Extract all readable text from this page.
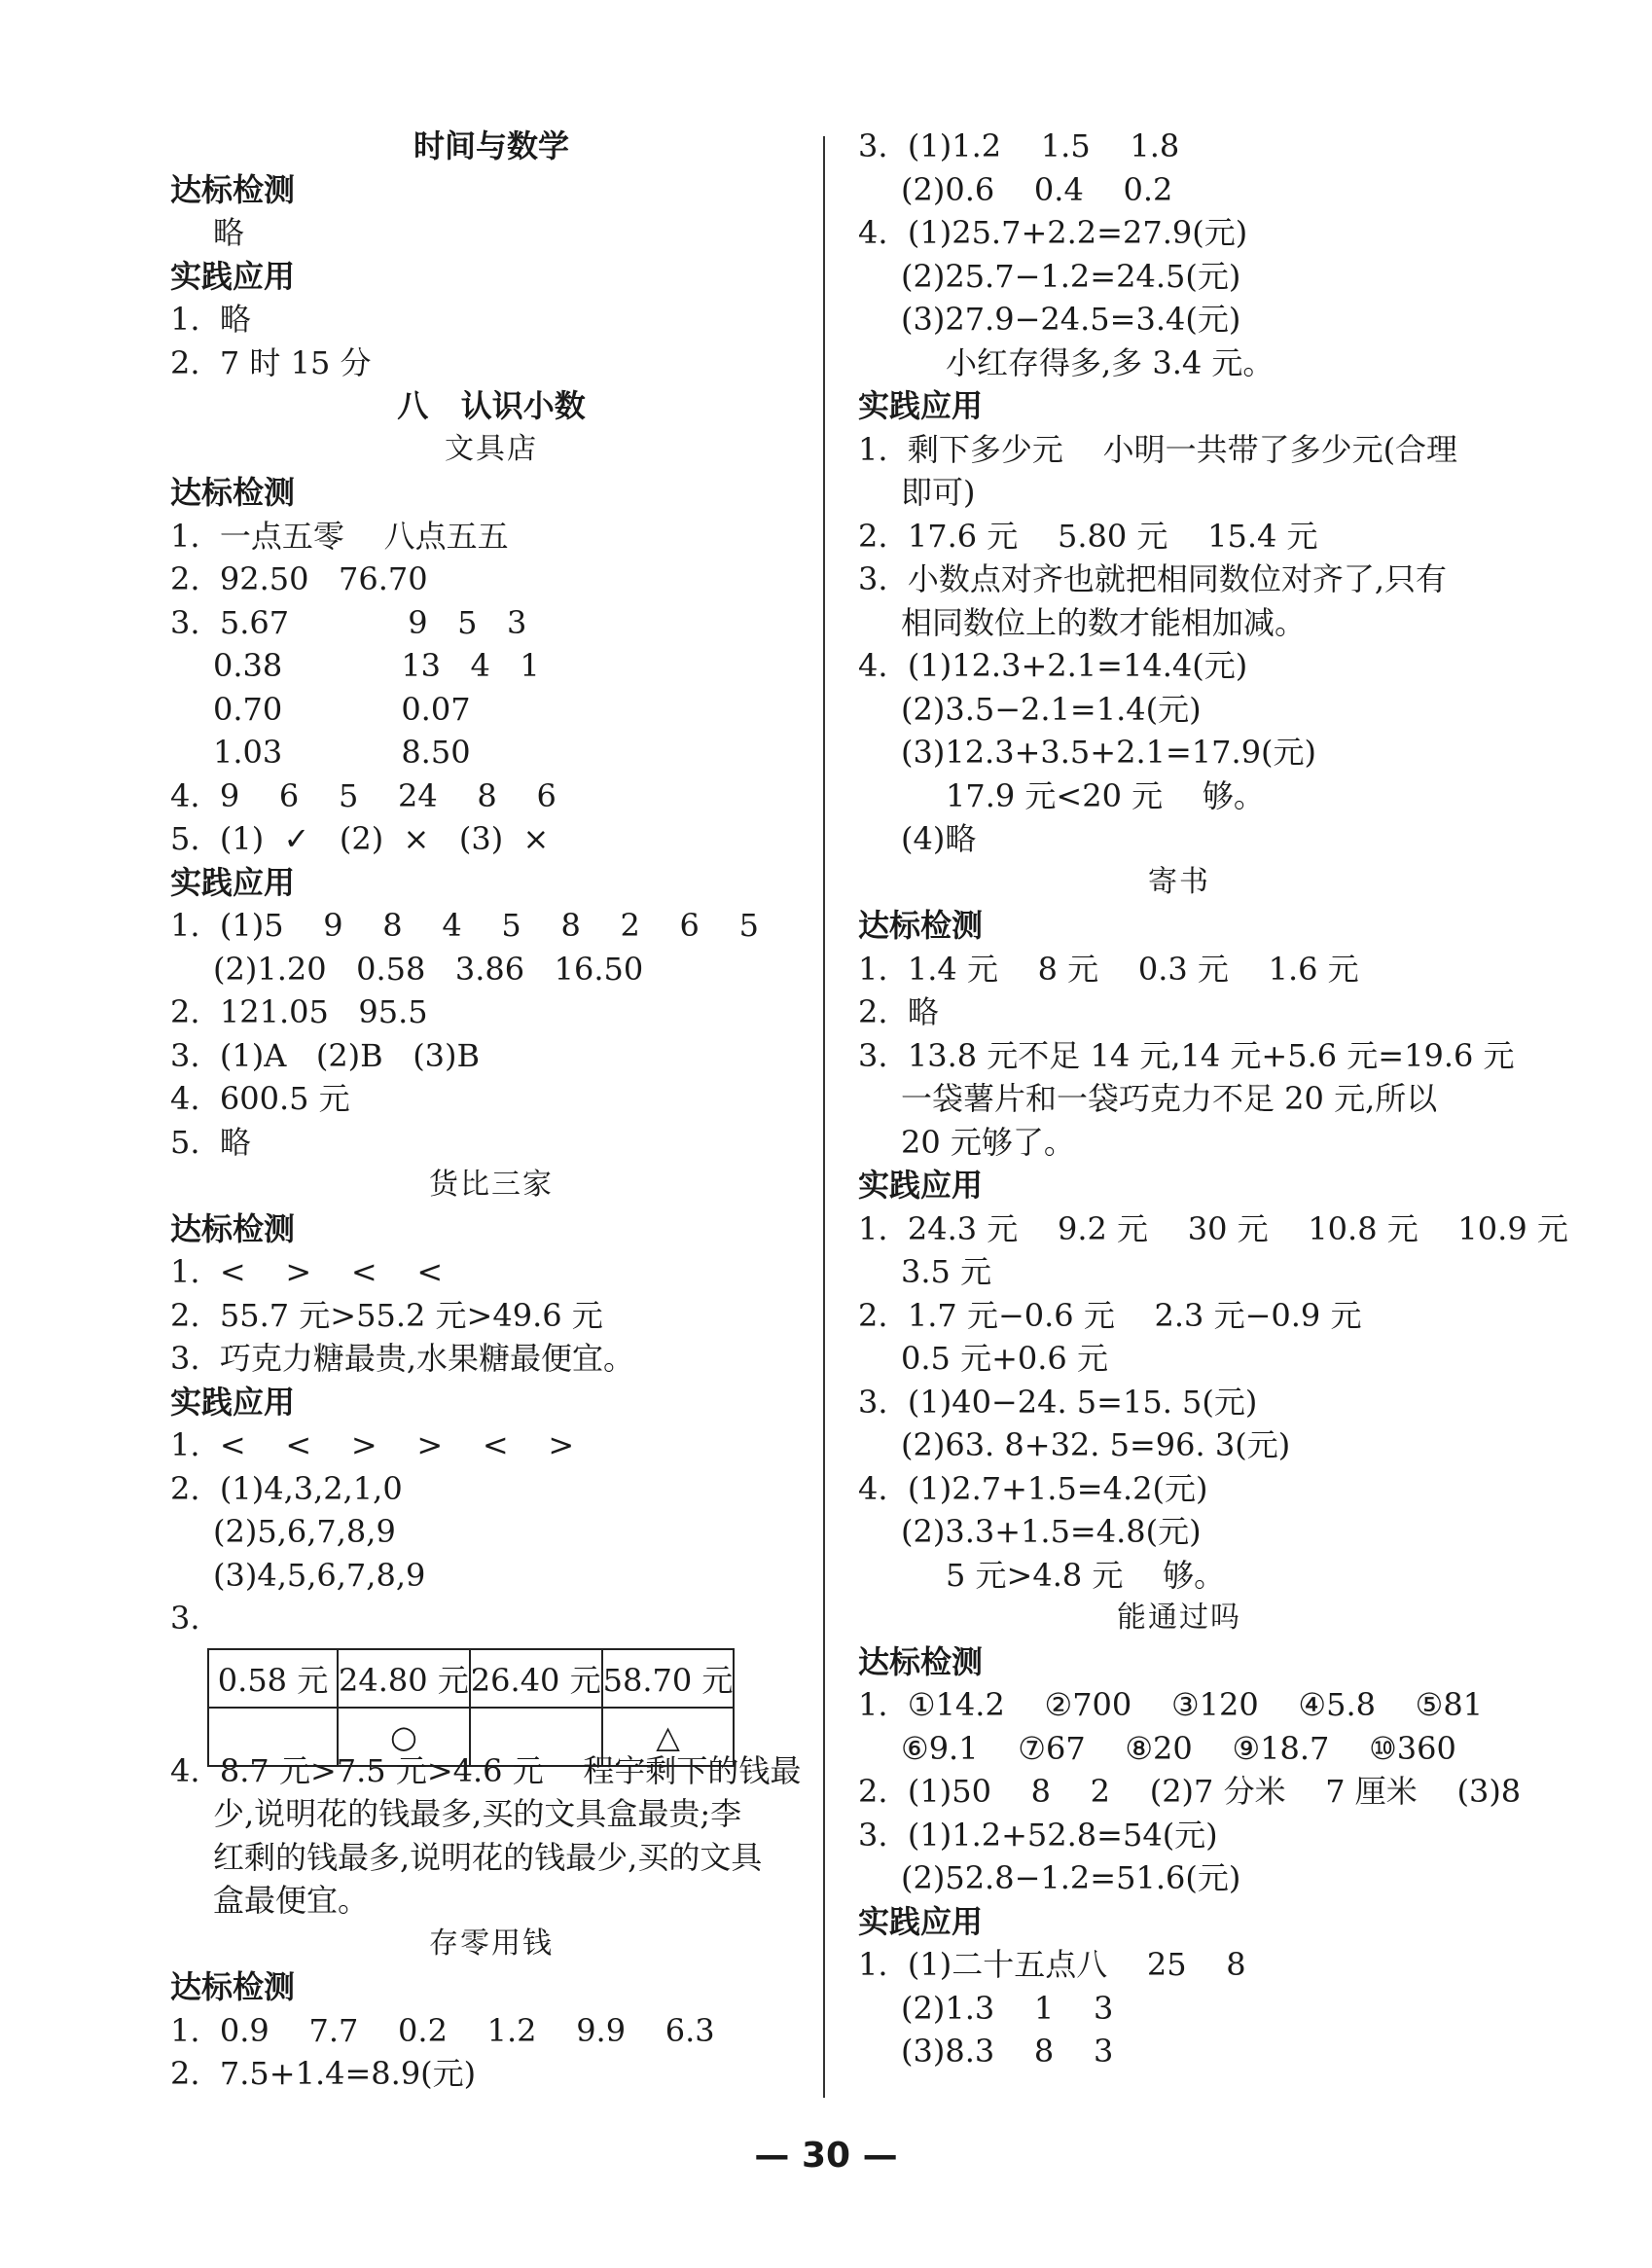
时间与数学
达标检测
略
实践应用
1.  略
2.  7 时 15 分
八   认识小数
文具店
达标检测
1.  一点五零    八点五五
2.  92.50   76.70
3.  5.67            9   5   3
0.38            13   4   1
0.70            0.07
1.03            8.50
4.  9    6    5    24    8    6
5.  (1)  ✓   (2)  ×   (3)  ×
实践应用
1.  (1)5    9    8    4    5    8    2    6    5
(2)1.20   0.58   3.86   16.50
2.  121.05   95.5
3.  (1)A   (2)B   (3)B
4.  600.5 元
5.  略
货比三家
达标检测
1.  <    >    <    <
2.  55.7 元>55.2 元>49.6 元
3.  巧克力糖最贵,水果糖最便宜。
实践应用
1.  <    <    >    >    <    >
2.  (1)4,3,2,1,0
(2)5,6,7,8,9
(3)4,5,6,7,8,9
3.
0.58 元	24.80 元	26.40 元	58.70 元
	○		△
4.  8.7 元>7.5 元>4.6 元    程宇剩下的钱最
少,说明花的钱最多,买的文具盒最贵;李
红剩的钱最多,说明花的钱最少,买的文具
盒最便宜。
存零用钱
达标检测
1.  0.9    7.7    0.2    1.2    9.9    6.3
2.  7.5+1.4=8.9(元)
3.  (1)1.2    1.5    1.8
(2)0.6    0.4    0.2
4.  (1)25.7+2.2=27.9(元)
(2)25.7−1.2=24.5(元)
(3)27.9−24.5=3.4(元)
小红存得多,多 3.4 元。
实践应用
1.  剩下多少元    小明一共带了多少元(合理
即可)
2.  17.6 元    5.80 元    15.4 元
3.  小数点对齐也就把相同数位对齐了,只有
相同数位上的数才能相加减。
4.  (1)12.3+2.1=14.4(元)
(2)3.5−2.1=1.4(元)
(3)12.3+3.5+2.1=17.9(元)
17.9 元<20 元    够。
(4)略
寄书
达标检测
1.  1.4 元    8 元    0.3 元    1.6 元
2.  略
3.  13.8 元不足 14 元,14 元+5.6 元=19.6 元
一袋薯片和一袋巧克力不足 20 元,所以
20 元够了。
实践应用
1.  24.3 元    9.2 元    30 元    10.8 元    10.9 元
3.5 元
2.  1.7 元−0.6 元    2.3 元−0.9 元
0.5 元+0.6 元
3.  (1)40−24. 5=15. 5(元)
(2)63. 8+32. 5=96. 3(元)
4.  (1)2.7+1.5=4.2(元)
(2)3.3+1.5=4.8(元)
5 元>4.8 元    够。
能通过吗
达标检测
1.  ①14.2    ②700    ③120    ④5.8    ⑤81
⑥9.1    ⑦67    ⑧20    ⑨18.7    ⑩360
2.  (1)50    8    2    (2)7 分米    7 厘米    (3)8
3.  (1)1.2+52.8=54(元)
(2)52.8−1.2=51.6(元)
实践应用
1.  (1)二十五点八    25    8
(2)1.3    1    3
(3)8.3    8    3
— 30 —
